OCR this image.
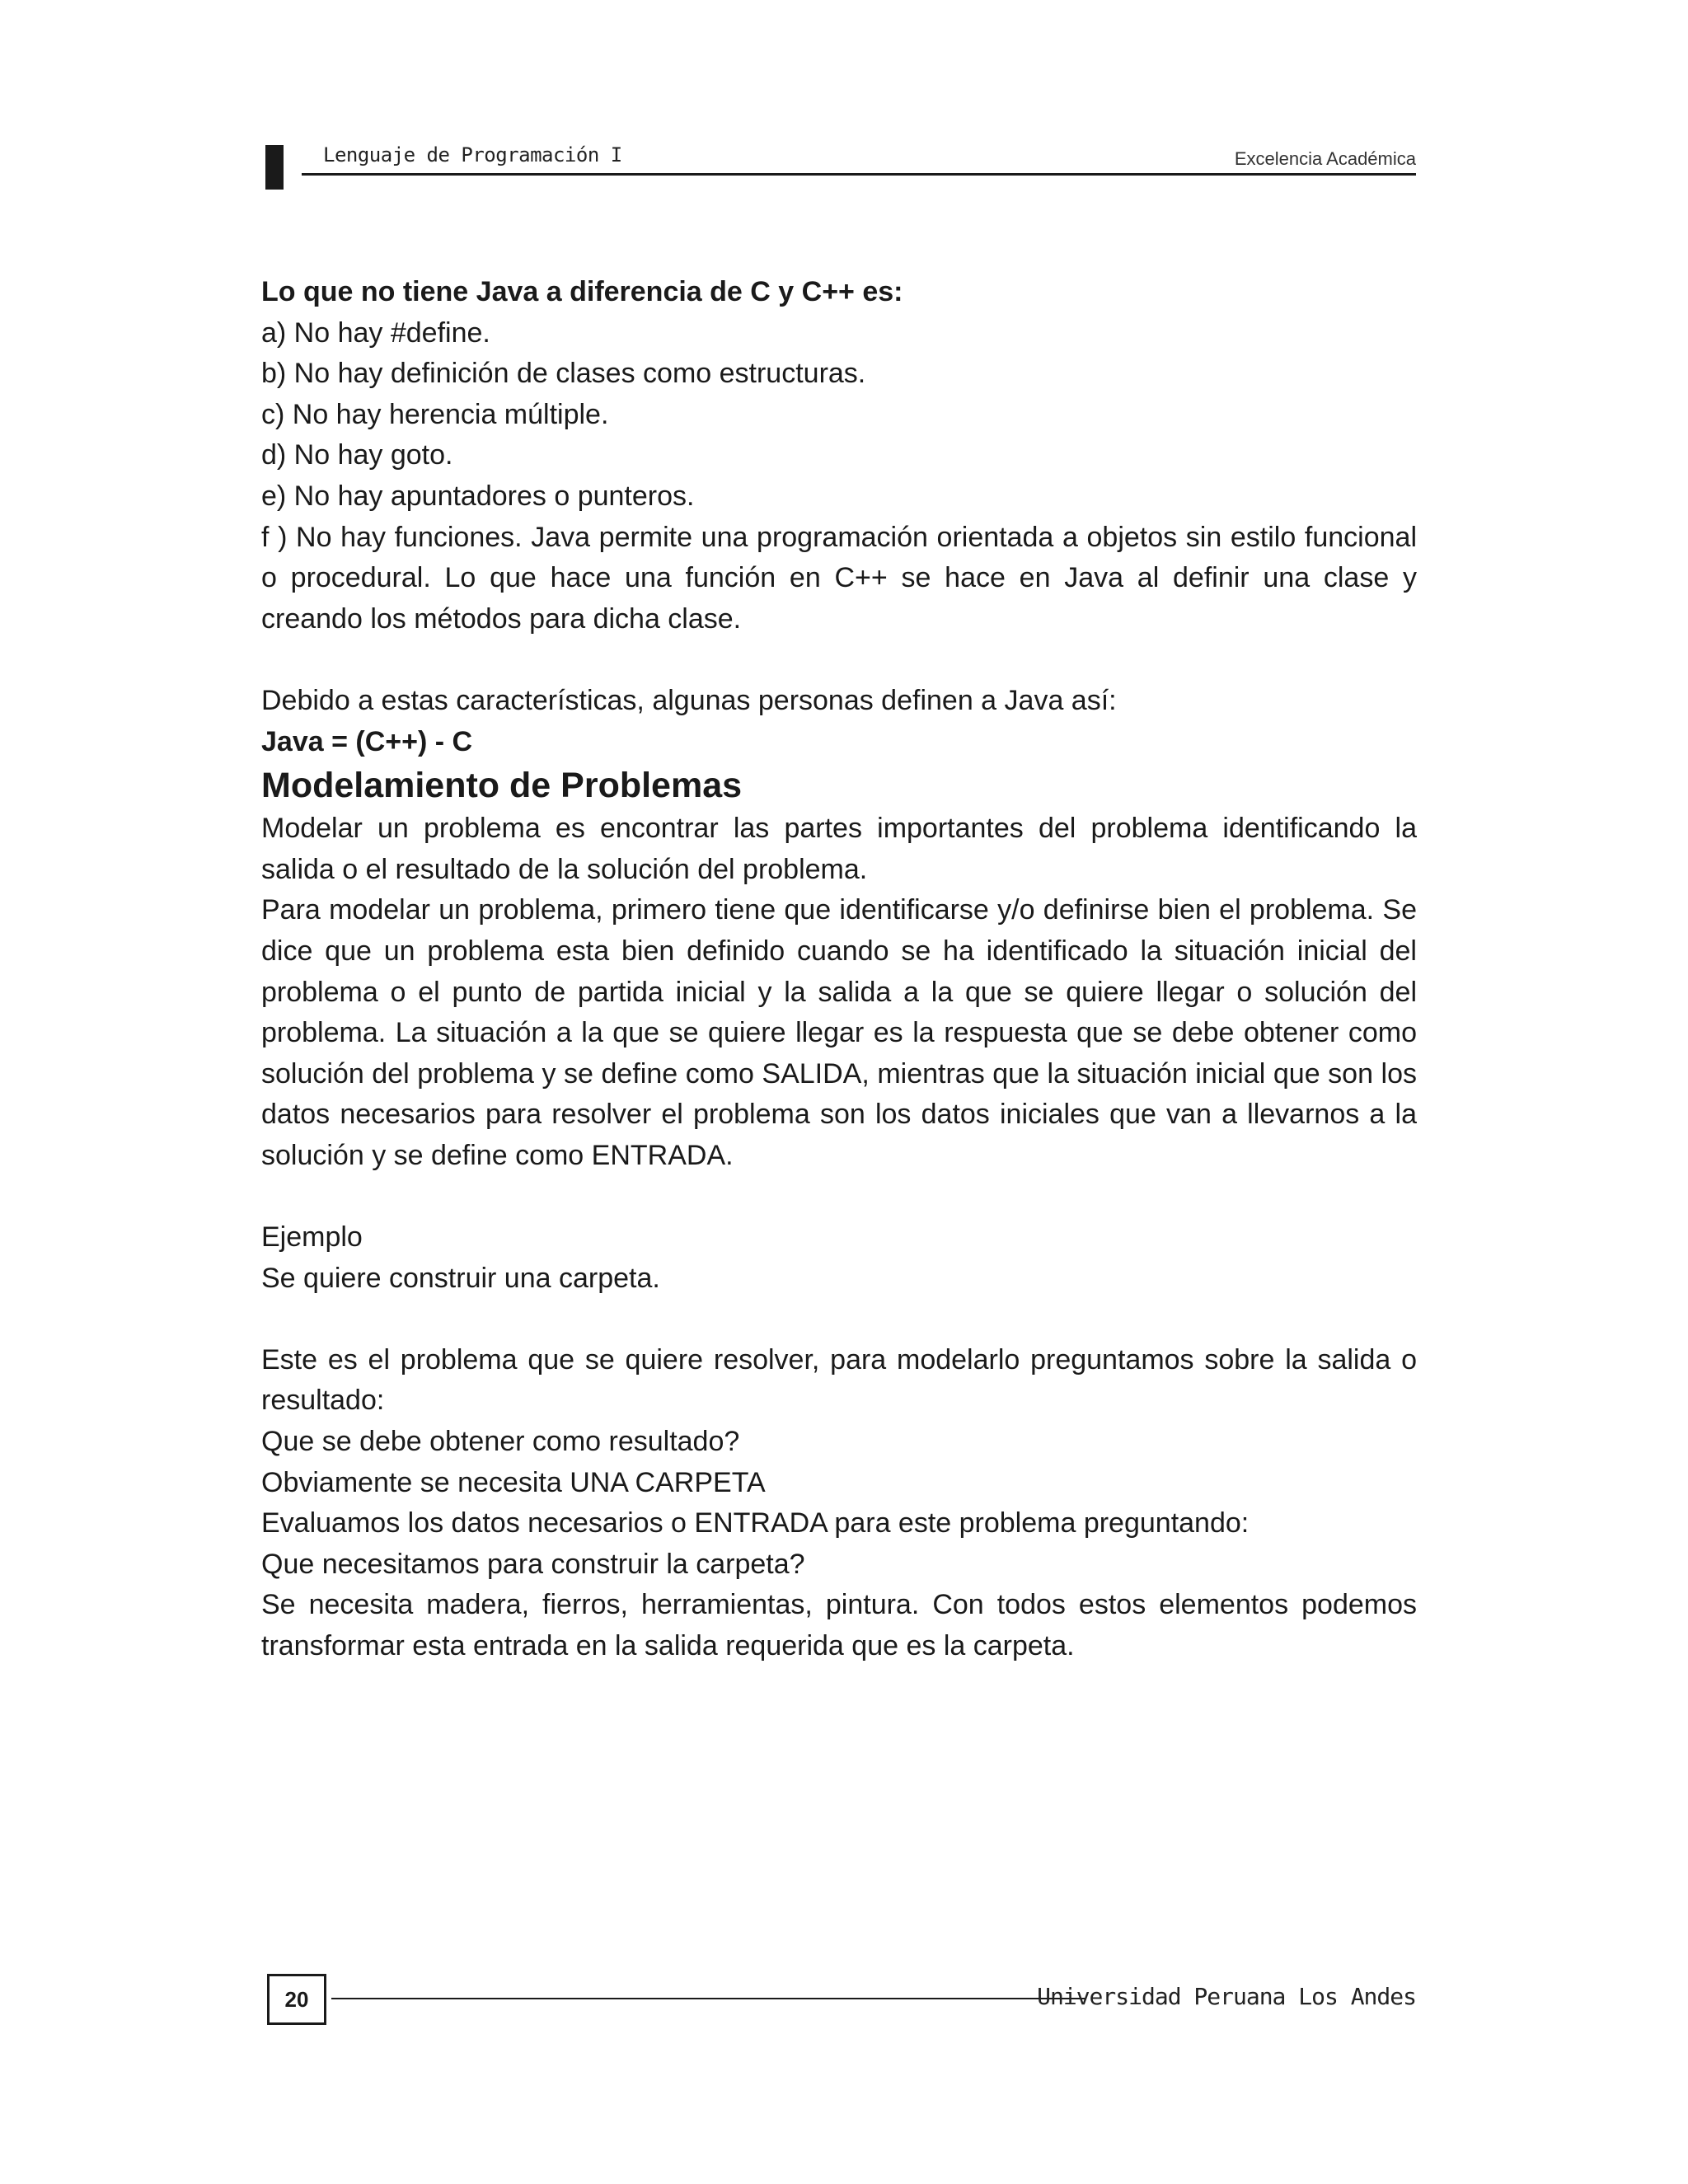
Lenguaje de Programación I	Excelencia Académica

Lo que no tiene Java a diferencia de C y C++ es:

a) No hay #define.

b) No hay definición de clases como estructuras.

c) No hay herencia múltiple.

d) No hay goto.

e) No hay apuntadores o punteros.

f ) No hay funciones. Java permite una programación orientada a objetos sin estilo funcional o procedural. Lo que hace una función en C++ se hace en Java al definir una clase y creando los métodos para dicha clase.

Debido a estas características, algunas personas definen a Java así:

Java = (C++) - C

Modelamiento de Problemas

Modelar un problema es encontrar las partes importantes del problema identificando la salida o el resultado de la solución del problema.

Para modelar un problema, primero tiene que identificarse y/o definirse bien el problema. Se dice que un problema esta bien definido cuando se ha identificado la situación inicial del problema o el punto de partida inicial y la salida a la que se quiere llegar o solución del problema. La situación a la que se quiere llegar es la respuesta que se debe obtener como solución del problema y se define como SALIDA, mientras que la situación inicial que son los datos necesarios para resolver el problema son los datos iniciales que van a llevarnos a la solución y se define como ENTRADA.

Ejemplo

Se quiere construir una carpeta.

Este es el problema que se quiere resolver, para modelarlo preguntamos sobre la salida o resultado:

Que se debe obtener como resultado?

Obviamente se necesita UNA CARPETA

Evaluamos los datos necesarios o ENTRADA para este problema preguntando:

Que necesitamos para construir la carpeta?

Se necesita madera, fierros, herramientas, pintura. Con todos estos elementos podemos transformar esta entrada en la salida requerida que es la carpeta.

20	Universidad Peruana Los Andes
